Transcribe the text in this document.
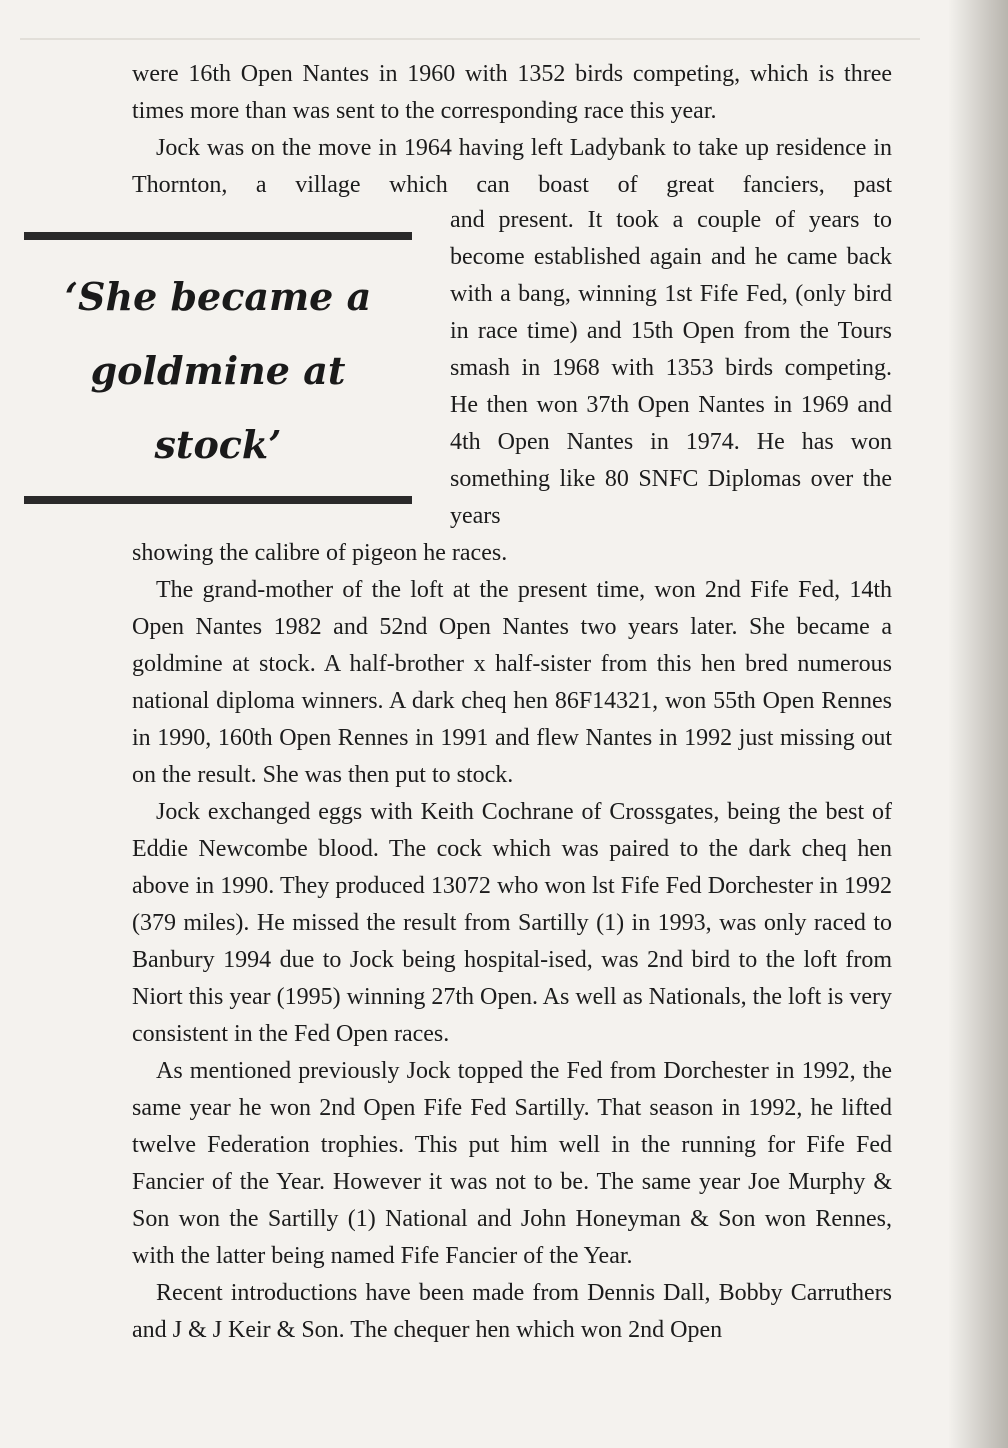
were 16th Open Nantes in 1960 with 1352 birds competing, which is three times more than was sent to the corresponding race this year.

Jock was on the move in 1964 having left Ladybank to take up residence in Thornton, a village which can boast of great fanciers, past

‘She became a
goldmine at
stock’

and present. It took a couple of years to become established again and he came back with a bang, winning 1st Fife Fed, (only bird in race time) and 15th Open from the Tours smash in 1968 with 1353 birds competing. He then won 37th Open Nantes in 1969 and 4th Open Nantes in 1974. He has won something like 80 SNFC Diplomas over the years

showing the calibre of pigeon he races.

The grand-mother of the loft at the present time, won 2nd Fife Fed, 14th Open Nantes 1982 and 52nd Open Nantes two years later. She became a goldmine at stock. A half-brother x half-sister from this hen bred numerous national diploma winners. A dark cheq hen 86F14321, won 55th Open Rennes in 1990, 160th Open Rennes in 1991 and flew Nantes in 1992 just missing out on the result. She was then put to stock.

Jock exchanged eggs with Keith Cochrane of Crossgates, being the best of Eddie Newcombe blood. The cock which was paired to the dark cheq hen above in 1990. They produced 13072 who won lst Fife Fed Dorchester in 1992 (379 miles). He missed the result from Sartilly (1) in 1993, was only raced to Banbury 1994 due to Jock being hospital-ised, was 2nd bird to the loft from Niort this year (1995) winning 27th Open. As well as Nationals, the loft is very consistent in the Fed Open races.

As mentioned previously Jock topped the Fed from Dorchester in 1992, the same year he won 2nd Open Fife Fed Sartilly. That season in 1992, he lifted twelve Federation trophies. This put him well in the running for Fife Fed Fancier of the Year. However it was not to be. The same year Joe Murphy & Son won the Sartilly (1) National and John Honeyman & Son won Rennes, with the latter being named Fife Fancier of the Year.

Recent introductions have been made from Dennis Dall, Bobby Carruthers and J & J Keir & Son. The chequer hen which won 2nd Open
